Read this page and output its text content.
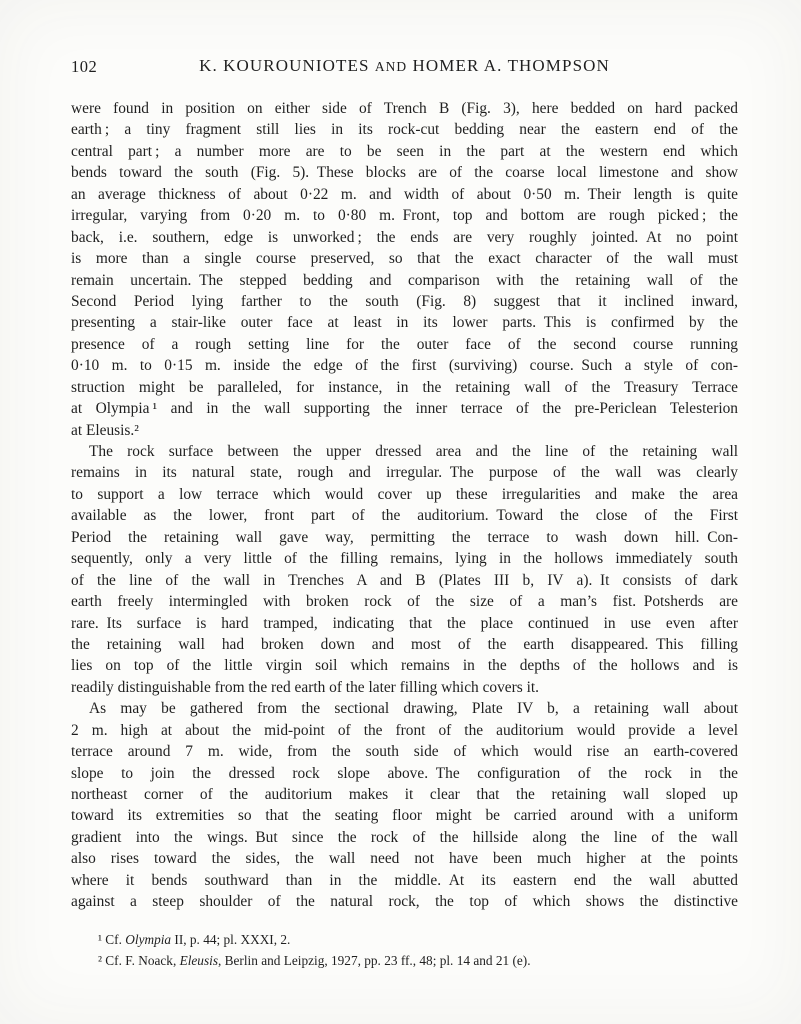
102	K. KOUROUNIOTES AND HOMER A. THOMPSON
were found in position on either side of Trench B (Fig. 3), here bedded on hard packed
earth ; a tiny fragment still lies in its rock-cut bedding near the eastern end of the
central part ; a number more are to be seen in the part at the western end which
bends toward the south (Fig. 5). These blocks are of the coarse local limestone and show
an average thickness of about 0·22 m. and width of about 0·50 m. Their length is quite
irregular, varying from 0·20 m. to 0·80 m. Front, top and bottom are rough picked ; the
back, i.e. southern, edge is unworked ; the ends are very roughly jointed. At no point
is more than a single course preserved, so that the exact character of the wall must
remain uncertain. The stepped bedding and comparison with the retaining wall of the
Second Period lying farther to the south (Fig. 8) suggest that it inclined inward,
presenting a stair-like outer face at least in its lower parts. This is confirmed by the
presence of a rough setting line for the outer face of the second course running
0·10 m. to 0·15 m. inside the edge of the first (surviving) course. Such a style of con-
struction might be paralleled, for instance, in the retaining wall of the Treasury Terrace
at Olympia ¹ and in the wall supporting the inner terrace of the pre-Periclean Telesterion
at Eleusis.²
The rock surface between the upper dressed area and the line of the retaining wall
remains in its natural state, rough and irregular. The purpose of the wall was clearly
to support a low terrace which would cover up these irregularities and make the area
available as the lower, front part of the auditorium. Toward the close of the First
Period the retaining wall gave way, permitting the terrace to wash down hill. Con-
sequently, only a very little of the filling remains, lying in the hollows immediately south
of the line of the wall in Trenches A and B (Plates III b, IV a). It consists of dark
earth freely intermingled with broken rock of the size of a man’s fist. Potsherds are
rare. Its surface is hard tramped, indicating that the place continued in use even after
the retaining wall had broken down and most of the earth disappeared. This filling
lies on top of the little virgin soil which remains in the depths of the hollows and is
readily distinguishable from the red earth of the later filling which covers it.
As may be gathered from the sectional drawing, Plate IV b, a retaining wall about
2 m. high at about the mid-point of the front of the auditorium would provide a level
terrace around 7 m. wide, from the south side of which would rise an earth-covered
slope to join the dressed rock slope above. The configuration of the rock in the
northeast corner of the auditorium makes it clear that the retaining wall sloped up
toward its extremities so that the seating floor might be carried around with a uniform
gradient into the wings. But since the rock of the hillside along the line of the wall
also rises toward the sides, the wall need not have been much higher at the points
where it bends southward than in the middle. At its eastern end the wall abutted
against a steep shoulder of the natural rock, the top of which shows the distinctive
¹ Cf. Olympia II, p. 44; pl. XXXI, 2.
² Cf. F. Noack, Eleusis, Berlin and Leipzig, 1927, pp. 23 ff., 48; pl. 14 and 21 (e).
